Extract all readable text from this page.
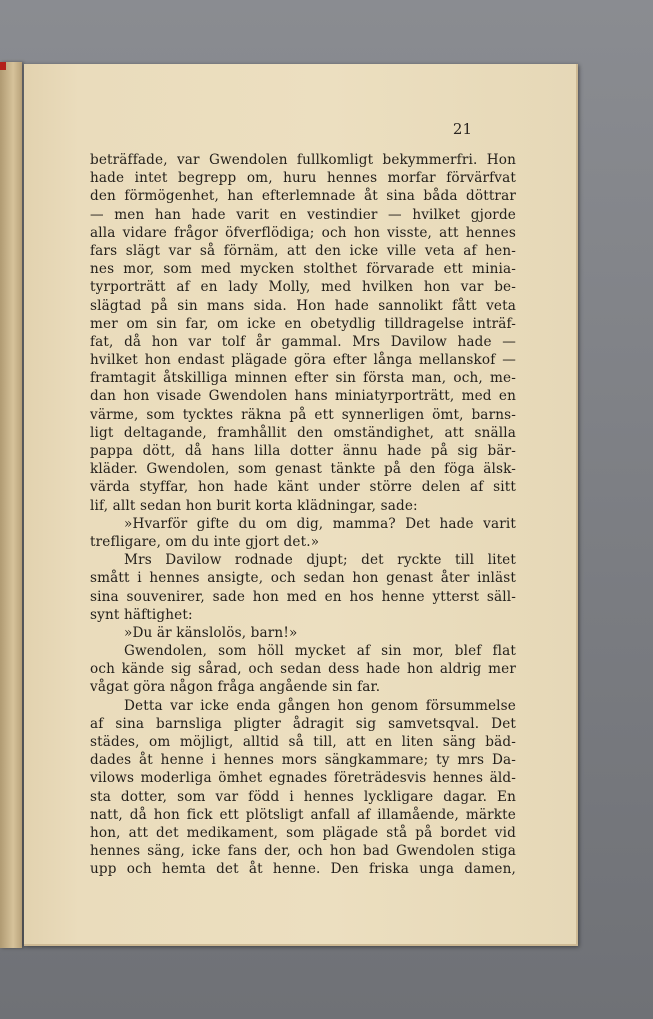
21
beträffade, var Gwendolen fullkomligt bekymmerfri. Hon
hade intet begrepp om, huru hennes morfar förvärfvat
den förmögenhet, han efterlemnade åt sina båda döttrar
— men han hade varit en vestindier — hvilket gjorde
alla vidare frågor öfverflödiga; och hon visste, att hennes
fars slägt var så förnäm, att den icke ville veta af hen-
nes mor, som med mycken stolthet förvarade ett minia-
tyrporträtt af en lady Molly, med hvilken hon var be-
slägtad på sin mans sida. Hon hade sannolikt fått veta
mer om sin far, om icke en obetydlig tilldragelse inträf-
fat, då hon var tolf år gammal. Mrs Davilow hade —
hvilket hon endast plägade göra efter långa mellanskof —
framtagit åtskilliga minnen efter sin första man, och, me-
dan hon visade Gwendolen hans miniatyrporträtt, med en
värme, som tycktes räkna på ett synnerligen ömt, barns-
ligt deltagande, framhållit den omständighet, att snälla
pappa dött, då hans lilla dotter ännu hade på sig bär-
kläder. Gwendolen, som genast tänkte på den föga älsk-
värda styffar, hon hade känt under större delen af sitt
lif, allt sedan hon burit korta klädningar, sade:
»Hvarför gifte du om dig, mamma? Det hade varit
trefligare, om du inte gjort det.»
Mrs Davilow rodnade djupt; det ryckte till litet
smått i hennes ansigte, och sedan hon genast åter inläst
sina souvenirer, sade hon med en hos henne ytterst säll-
synt häftighet:
»Du är känslolös, barn!»
Gwendolen, som höll mycket af sin mor, blef flat
och kände sig sårad, och sedan dess hade hon aldrig mer
vågat göra någon fråga angående sin far.
Detta var icke enda gången hon genom försummelse
af sina barnsliga pligter ådragit sig samvetsqval. Det
städes, om möjligt, alltid så till, att en liten säng bäd-
dades åt henne i hennes mors sängkammare; ty mrs Da-
vilows moderliga ömhet egnades företrädesvis hennes äld-
sta dotter, som var född i hennes lyckligare dagar. En
natt, då hon fick ett plötsligt anfall af illamående, märkte
hon, att det medikament, som plägade stå på bordet vid
hennes säng, icke fans der, och hon bad Gwendolen stiga
upp och hemta det åt henne. Den friska unga damen,
